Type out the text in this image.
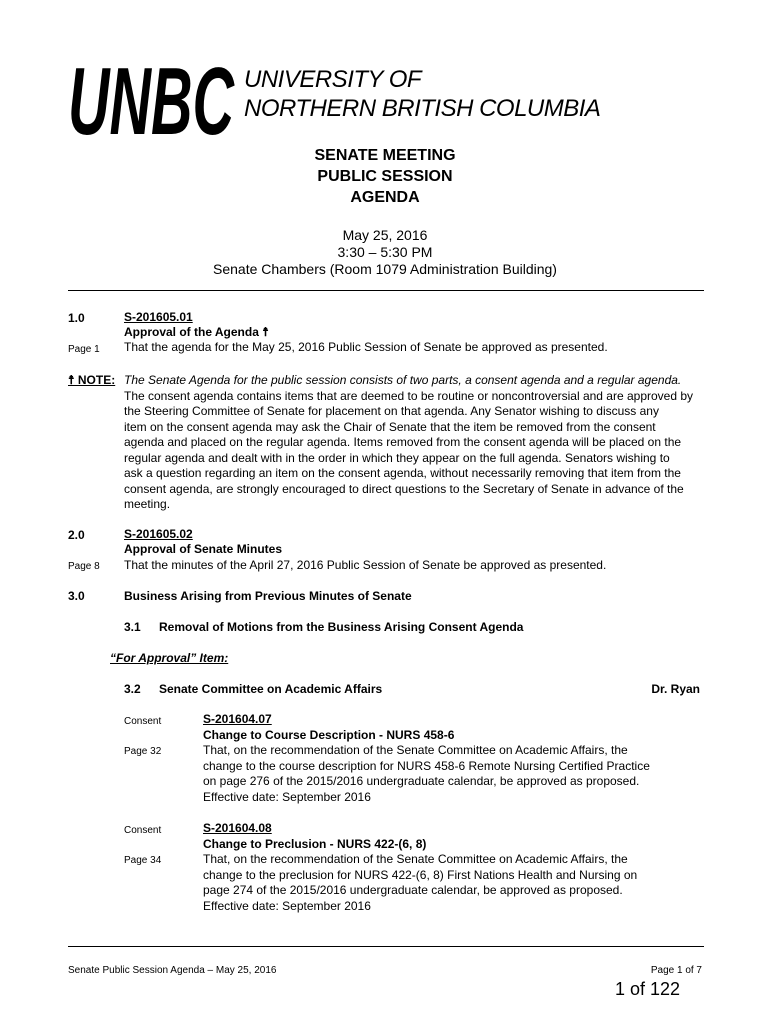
UNBC UNIVERSITY OF
NORTHERN BRITISH COLUMBIA
SENATE MEETING
PUBLIC SESSION
AGENDA
May 25, 2016
3:30 – 5:30 PM
Senate Chambers (Room 1079 Administration Building)
1.0	S-201605.01
Approval of the Agenda ☨
Page 1 That the agenda for the May 25, 2016 Public Session of Senate be approved as presented.
☨ NOTE: The Senate Agenda for the public session consists of two parts, a consent agenda and a regular agenda.
The consent agenda contains items that are deemed to be routine or noncontroversial and are approved by
the Steering Committee of Senate for placement on that agenda. Any Senator wishing to discuss any
item on the consent agenda may ask the Chair of Senate that the item be removed from the consent
agenda and placed on the regular agenda. Items removed from the consent agenda will be placed on the
regular agenda and dealt with in the order in which they appear on the full agenda. Senators wishing to
ask a question regarding an item on the consent agenda, without necessarily removing that item from the
consent agenda, are strongly encouraged to direct questions to the Secretary of Senate in advance of the
meeting.
2.0	S-201605.02
Approval of Senate Minutes
Page 8 That the minutes of the April 27, 2016 Public Session of Senate be approved as presented.
3.0	Business Arising from Previous Minutes of Senate
3.1 Removal of Motions from the Business Arising Consent Agenda
“For Approval” Item:
3.2 Senate Committee on Academic Affairs	Dr. Ryan
Consent	S-201604.07
Change to Course Description - NURS 458-6
Page 32	That, on the recommendation of the Senate Committee on Academic Affairs, the
change to the course description for NURS 458-6 Remote Nursing Certified Practice
on page 276 of the 2015/2016 undergraduate calendar, be approved as proposed.
Effective date: September 2016
Consent	S-201604.08
Change to Preclusion - NURS 422-(6, 8)
Page 34	That, on the recommendation of the Senate Committee on Academic Affairs, the
change to the preclusion for NURS 422-(6, 8) First Nations Health and Nursing on
page 274 of the 2015/2016 undergraduate calendar, be approved as proposed.
Effective date: September 2016
Senate Public Session Agenda – May 25, 2016	Page 1 of 7
1 of 122
